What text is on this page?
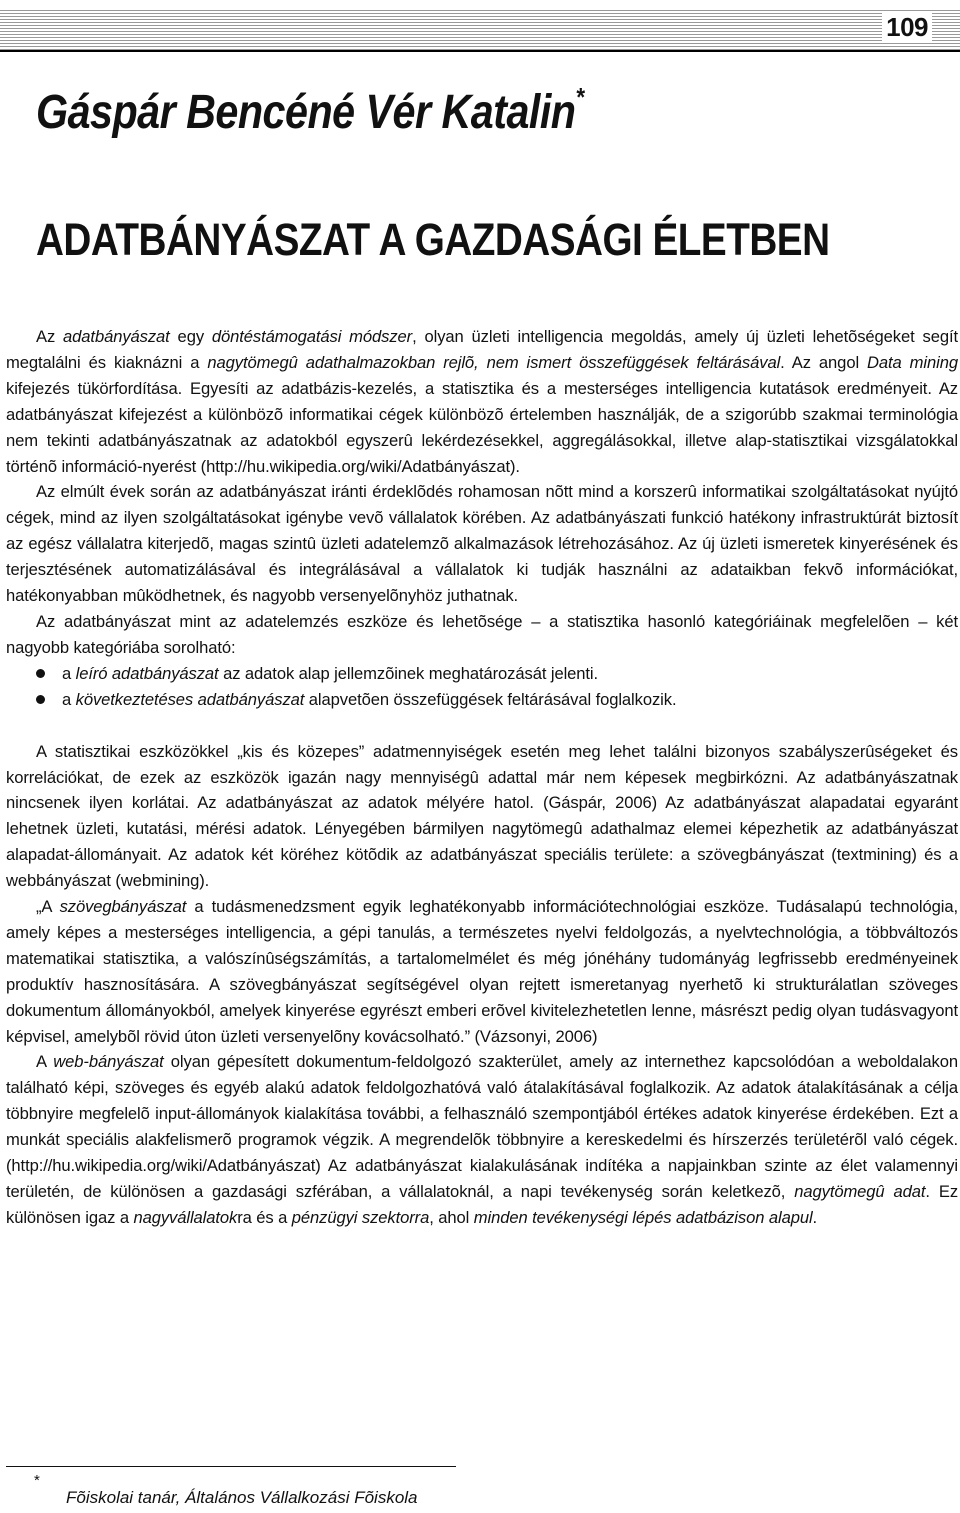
109
Gáspár Bencéné Vér Katalin*
ADATBÁNYÁSZAT A GAZDASÁGI ÉLETBEN

Az adatbányászat egy döntéstámogatási módszer, olyan üzleti intelligencia megoldás, amely új üzleti lehetõségeket segít megtalálni és kiaknázni a nagytömegû adathalmazokban rejlõ, nem ismert összefüggések feltárásával. Az angol Data mining kifejezés tükörfordítása. Egyesíti az adatbázis-kezelés, a statisztika és a mesterséges intelligencia kutatások eredményeit. Az adatbányászat kifejezést a különbözõ informatikai cégek különbözõ értelemben használják, de a szigorúbb szakmai terminológia nem tekinti adatbányászatnak az adatokból egyszerû lekérdezésekkel, aggregálásokkal, illetve alap-statisztikai vizsgálatokkal történõ információ-nyerést (http://hu.wikipedia.org/wiki/Adatbányászat).

Az elmúlt évek során az adatbányászat iránti érdeklõdés rohamosan nõtt mind a korszerû informatikai szolgáltatásokat nyújtó cégek, mind az ilyen szolgáltatásokat igénybe vevõ vállalatok körében. Az adatbányászati funkció hatékony infrastruktúrát biztosít az egész vállalatra kiterjedõ, magas szintû üzleti adatelemzõ alkalmazások létrehozásához. Az új üzleti ismeretek kinyerésének és terjesztésének automatizálásával és integrálásával a vállalatok ki tudják használni az adataikban fekvõ információkat, hatékonyabban mûködhetnek, és nagyobb versenyelõnyhöz juthatnak.

Az adatbányászat mint az adatelemzés eszköze és lehetõsége – a statisztika hasonló kategóriáinak megfelelõen – két nagyobb kategóriába sorolható:

a leíró adatbányászat az adatok alap jellemzõinek meghatározását jelenti.
a következtetéses adatbányászat alapvetõen összefüggések feltárásával foglalkozik.

A statisztikai eszközökkel „kis és közepes” adatmennyiségek esetén meg lehet találni bizonyos szabályszerûségeket és korrelációkat, de ezek az eszközök igazán nagy mennyiségû adattal már nem képesek megbirkózni. Az adatbányászatnak nincsenek ilyen korlátai. Az adatbányászat az adatok mélyére hatol. (Gáspár, 2006) Az adatbányászat alapadatai egyaránt lehetnek üzleti, kutatási, mérési adatok. Lényegében bármilyen nagytömegû adathalmaz elemei képezhetik az adatbányászat alapadat-állományait. Az adatok két köréhez kötõdik az adatbányászat speciális területe: a szövegbányászat (textmining) és a webbányászat (webmining).

„A szövegbányászat a tudásmenedzsment egyik leghatékonyabb információtechnológiai eszköze. Tudásalapú technológia, amely képes a mesterséges intelligencia, a gépi tanulás, a természetes nyelvi feldolgozás, a nyelvtechnológia, a többváltozós matematikai statisztika, a valószínûségszámítás, a tartalomelmélet és még jónéhány tudományág legfrissebb eredményeinek produktív hasznosítására. A szövegbányászat segítségével olyan rejtett ismeretanyag nyerhetõ ki strukturálatlan szöveges dokumentum állományokból, amelyek kinyerése egyrészt emberi erõvel kivitelezhetetlen lenne, másrészt pedig olyan tudásvagyont képvisel, amelybõl rövid úton üzleti versenyelõny kovácsolható.” (Vázsonyi, 2006)

A web-bányászat olyan gépesített dokumentum-feldolgozó szakterület, amely az internethez kapcsolódóan a weboldalakon található képi, szöveges és egyéb alakú adatok feldolgozhatóvá való átalakításával foglalkozik. Az adatok átalakításának a célja többnyire megfelelõ input-állományok kialakítása további, a felhasználó szempontjából értékes adatok kinyerése érdekében. Ezt a munkát speciális alakfelismerõ programok végzik. A megrendelõk többnyire a kereskedelmi és hírszerzés területérõl való cégek. (http://hu.wikipedia.org/wiki/Adatbányászat) Az adatbányászat kialakulásának indítéka a napjainkban szinte az élet valamennyi területén, de különösen a gazdasági szférában, a vállalatoknál, a napi tevékenység során keletkezõ, nagytömegû adat. Ez különösen igaz a nagyvállalatokra és a pénzügyi szektorra, ahol minden tevékenységi lépés adatbázison alapul.

*
Fõiskolai tanár, Általános Vállalkozási Fõiskola
